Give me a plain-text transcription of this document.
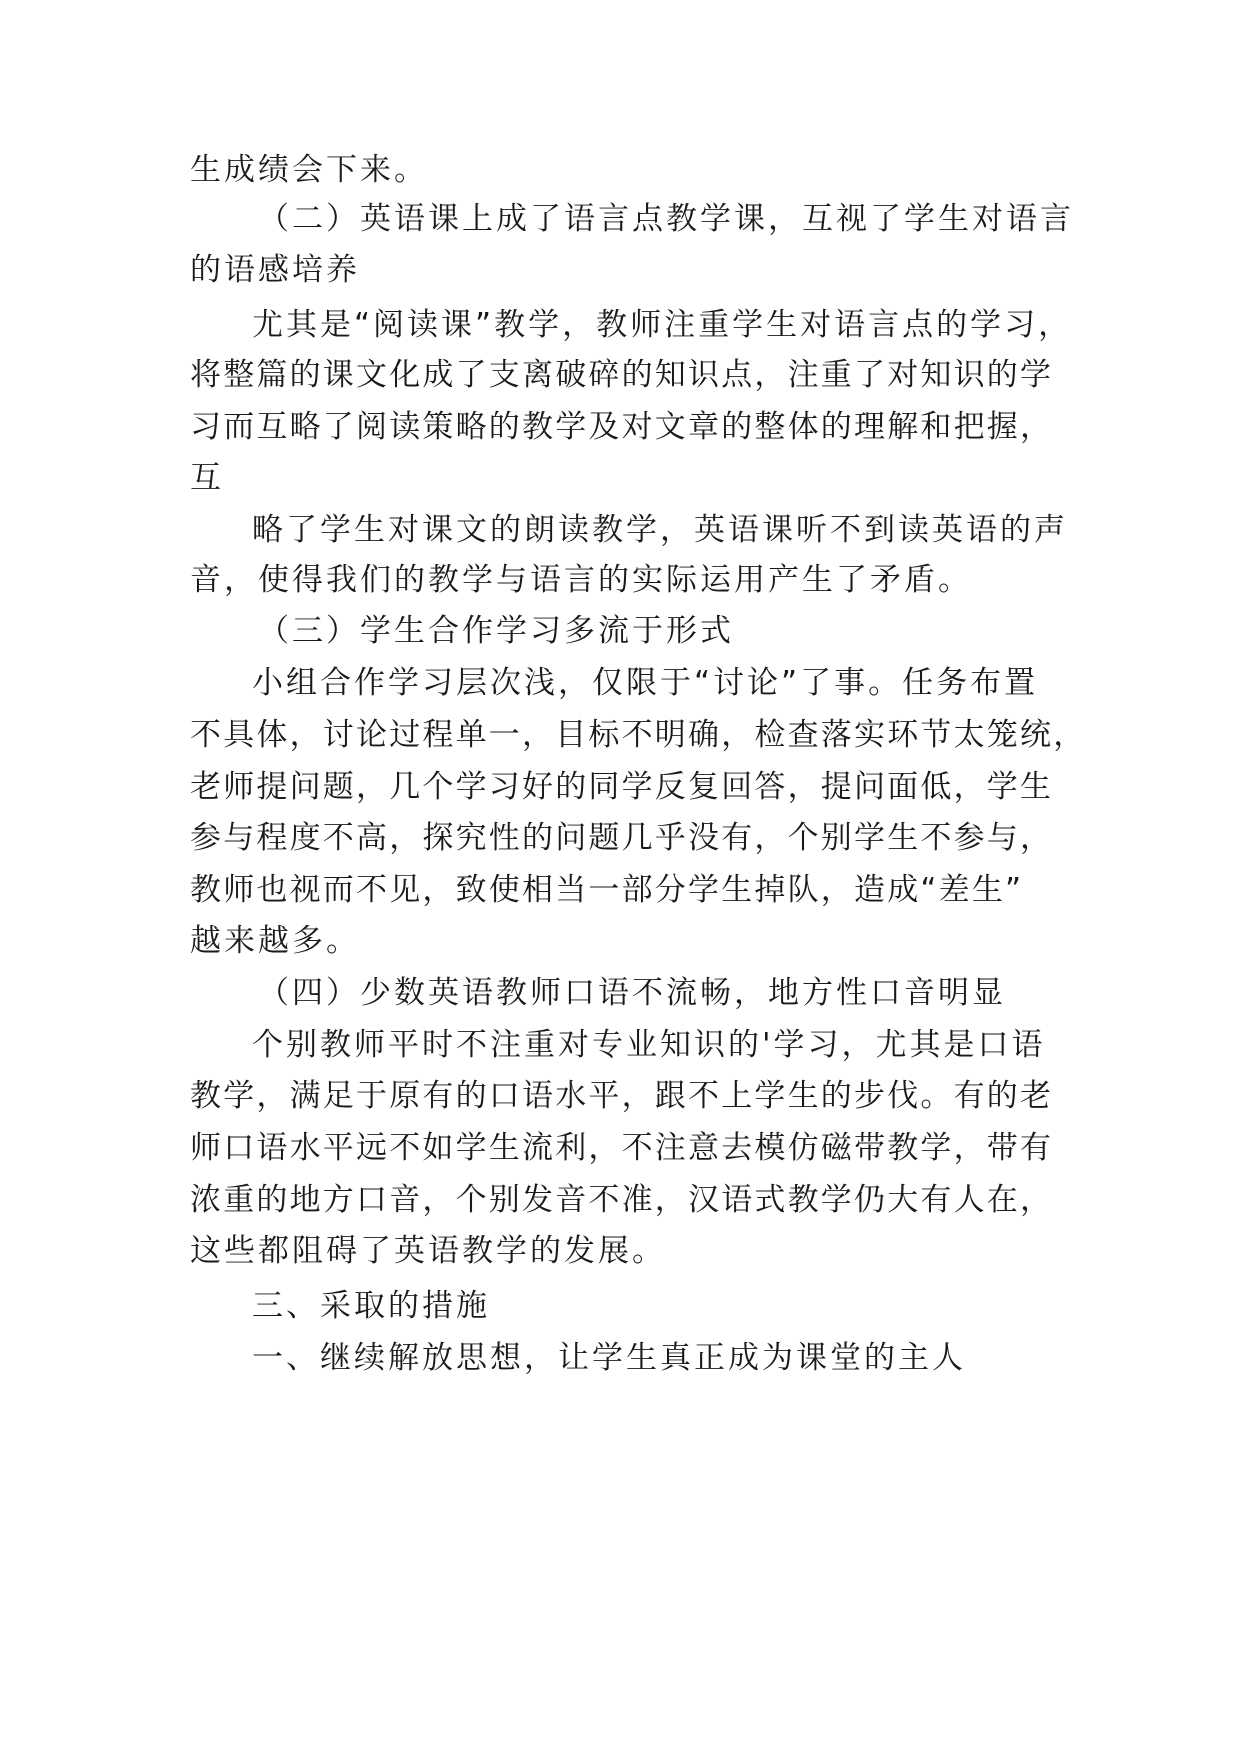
生成绩会下来。
（二）英语课上成了语言点教学课，互视了学生对语言
的语感培养
尤其是“阅读课”教学，教师注重学生对语言点的学习，
将整篇的课文化成了支离破碎的知识点，注重了对知识的学
习而互略了阅读策略的教学及对文章的整体的理解和把握，
互
略了学生对课文的朗读教学，英语课听不到读英语的声
音，使得我们的教学与语言的实际运用产生了矛盾。
（三）学生合作学习多流于形式
小组合作学习层次浅，仅限于“讨论”了事。任务布置
不具体，讨论过程单一，目标不明确，检查落实环节太笼统，
老师提问题，几个学习好的同学反复回答，提问面低，学生
参与程度不高，探究性的问题几乎没有，个别学生不参与，
教师也视而不见，致使相当一部分学生掉队，造成“差生”
越来越多。
（四）少数英语教师口语不流畅，地方性口音明显
个别教师平时不注重对专业知识的'学习，尤其是口语
教学，满足于原有的口语水平，跟不上学生的步伐。有的老
师口语水平远不如学生流利，不注意去模仿磁带教学，带有
浓重的地方口音，个别发音不准，汉语式教学仍大有人在，
这些都阻碍了英语教学的发展。
三、采取的措施
一、继续解放思想，让学生真正成为课堂的主人
